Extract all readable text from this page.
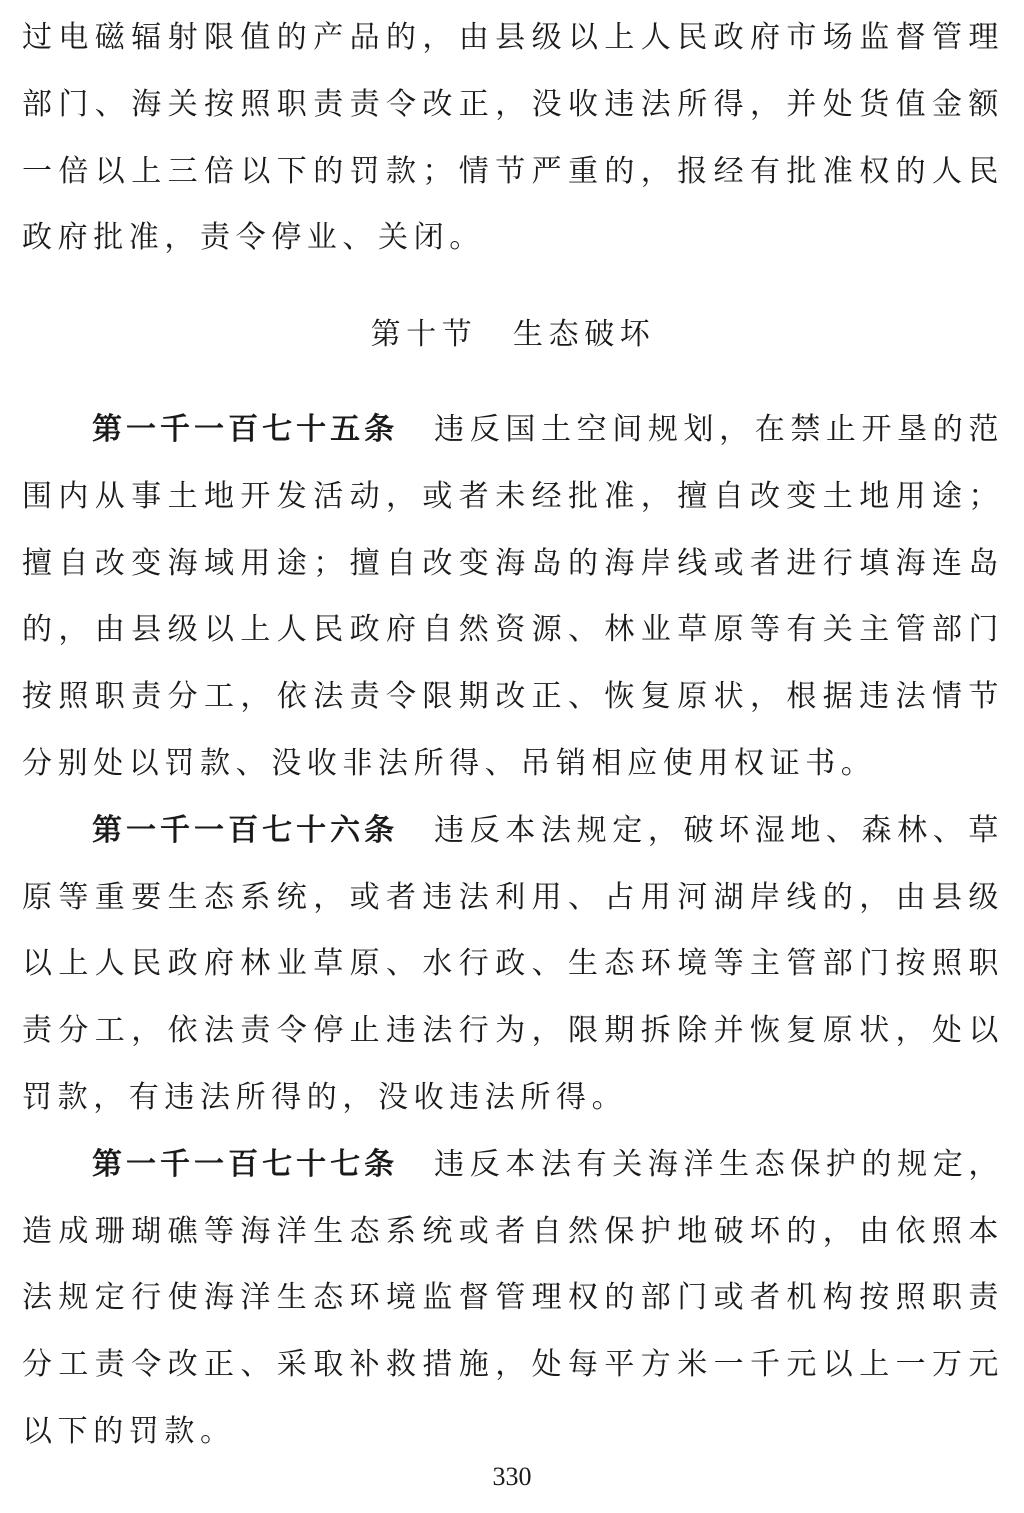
过电磁辐射限值的产品的，由县级以上人民政府市场监督管理部门、海关按照职责责令改正，没收违法所得，并处货值金额一倍以上三倍以下的罚款；情节严重的，报经有批准权的人民政府批准，责令停业、关闭。

第十节　生态破坏

第一千一百七十五条 违反国土空间规划，在禁止开垦的范围内从事土地开发活动，或者未经批准，擅自改变土地用途；擅自改变海域用途；擅自改变海岛的海岸线或者进行填海连岛的，由县级以上人民政府自然资源、林业草原等有关主管部门按照职责分工，依法责令限期改正、恢复原状，根据违法情节分别处以罚款、没收非法所得、吊销相应使用权证书。

第一千一百七十六条 违反本法规定，破坏湿地、森林、草原等重要生态系统，或者违法利用、占用河湖岸线的，由县级以上人民政府林业草原、水行政、生态环境等主管部门按照职责分工，依法责令停止违法行为，限期拆除并恢复原状，处以罚款，有违法所得的，没收违法所得。

第一千一百七十七条 违反本法有关海洋生态保护的规定，造成珊瑚礁等海洋生态系统或者自然保护地破坏的，由依照本法规定行使海洋生态环境监督管理权的部门或者机构按照职责分工责令改正、采取补救措施，处每平方米一千元以上一万元以下的罚款。

330
